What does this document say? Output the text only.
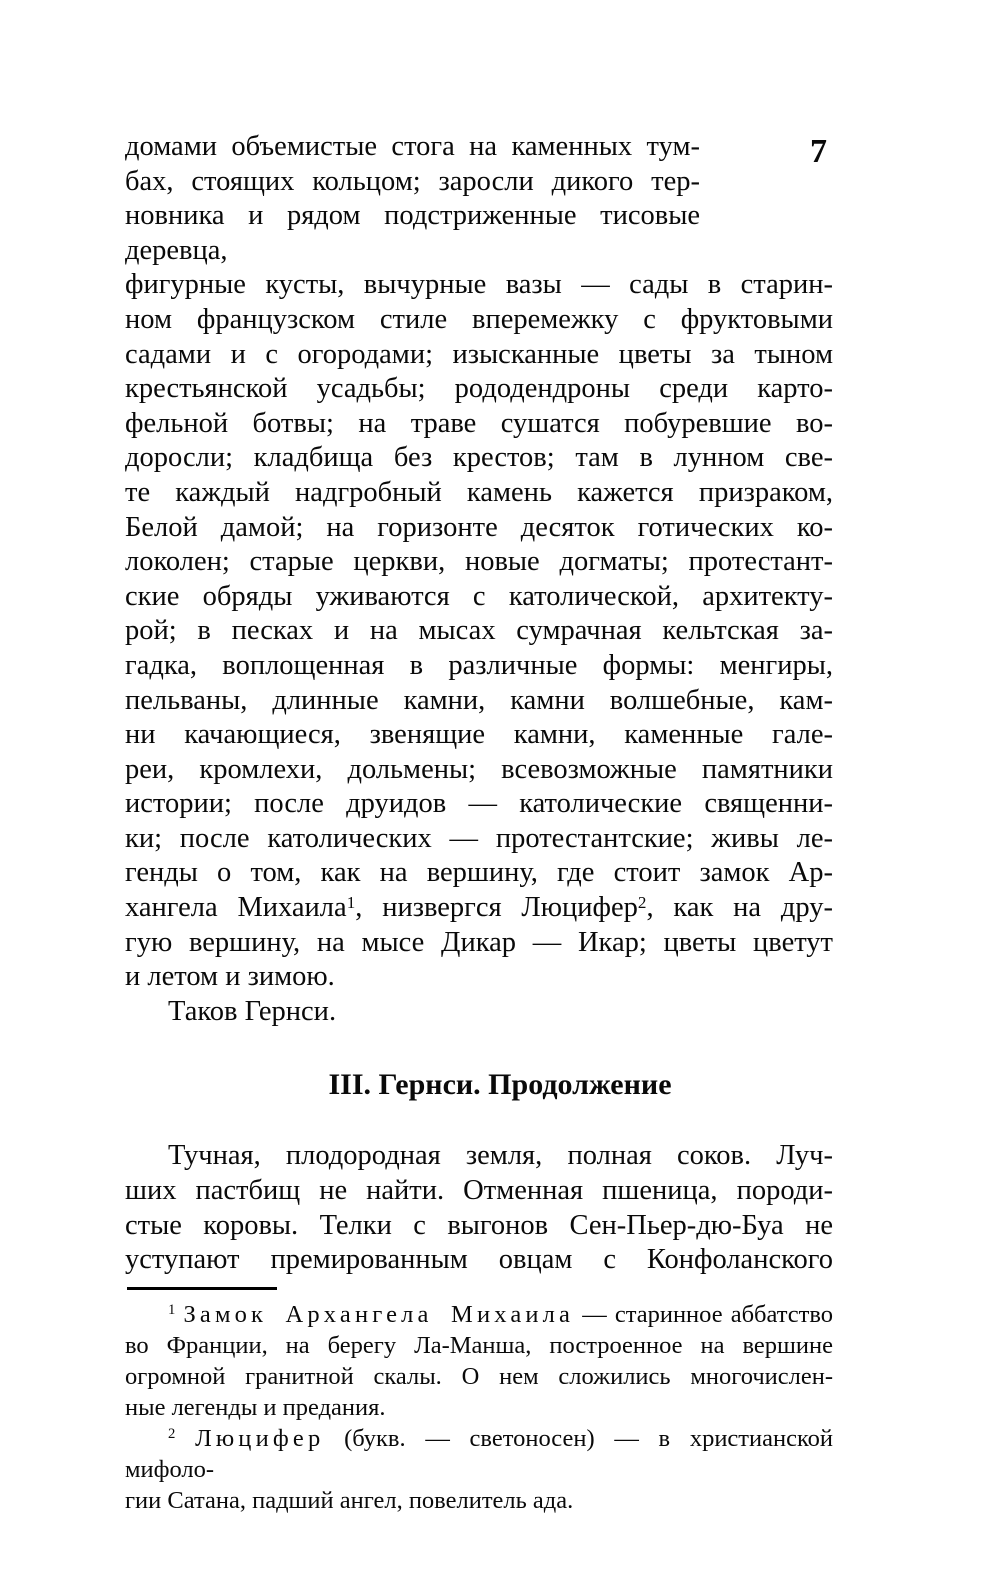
7
домами объемистые стога на каменных тум-
бах, стоящих кольцом; заросли дикого тер-
новника и рядом подстриженные тисовые деревца,
фигурные кусты, вычурные вазы — сады в старин-
ном французском стиле вперемежку с фруктовыми
садами и с огородами; изысканные цветы за тыном
крестьянской усадьбы; рододендроны среди карто-
фельной ботвы; на траве сушатся побуревшие во-
доросли; кладбища без крестов; там в лунном све-
те каждый надгробный камень кажется призраком,
Белой дамой; на горизонте десяток готических ко-
локолен; старые церкви, новые догматы; протестант-
ские обряды уживаются с католической, архитекту-
рой; в песках и на мысах сумрачная кельтская за-
гадка, воплощенная в различные формы: менгиры,
пельваны, длинные камни, камни волшебные, кам-
ни качающиеся, звенящие камни, каменные гале-
реи, кромлехи, дольмены; всевозможные памятники
истории; после друидов — католические священни-
ки; после католических — протестантские; живы ле-
генды о том, как на вершину, где стоит замок Ар-
хангела Михаила$^1$, низвергся Люцифер$^2$, как на дру-
гую вершину, на мысе Дикар — Икар; цветы цветут
и летом и зимою.
Таков Гернси.
III. Гернси. Продолжение
Тучная, плодородная земля, полная соков. Луч-
ших пастбищ не найти. Отменная пшеница, породи-
стые коровы. Телки с выгонов Сен-Пьер-дю-Буа не
уступают премированным овцам с Конфоланского
$^1$ Замок Архангела Михаила — старинное аббатство
во Франции, на берегу Ла-Манша, построенное на вершине
огромной гранитной скалы. О нем сложились многочислен-
ные легенды и предания.
$^2$ Люцифер (букв. — светоносен) — в христианской мифоло-
гии Сатана, падший ангел, повелитель ада.
